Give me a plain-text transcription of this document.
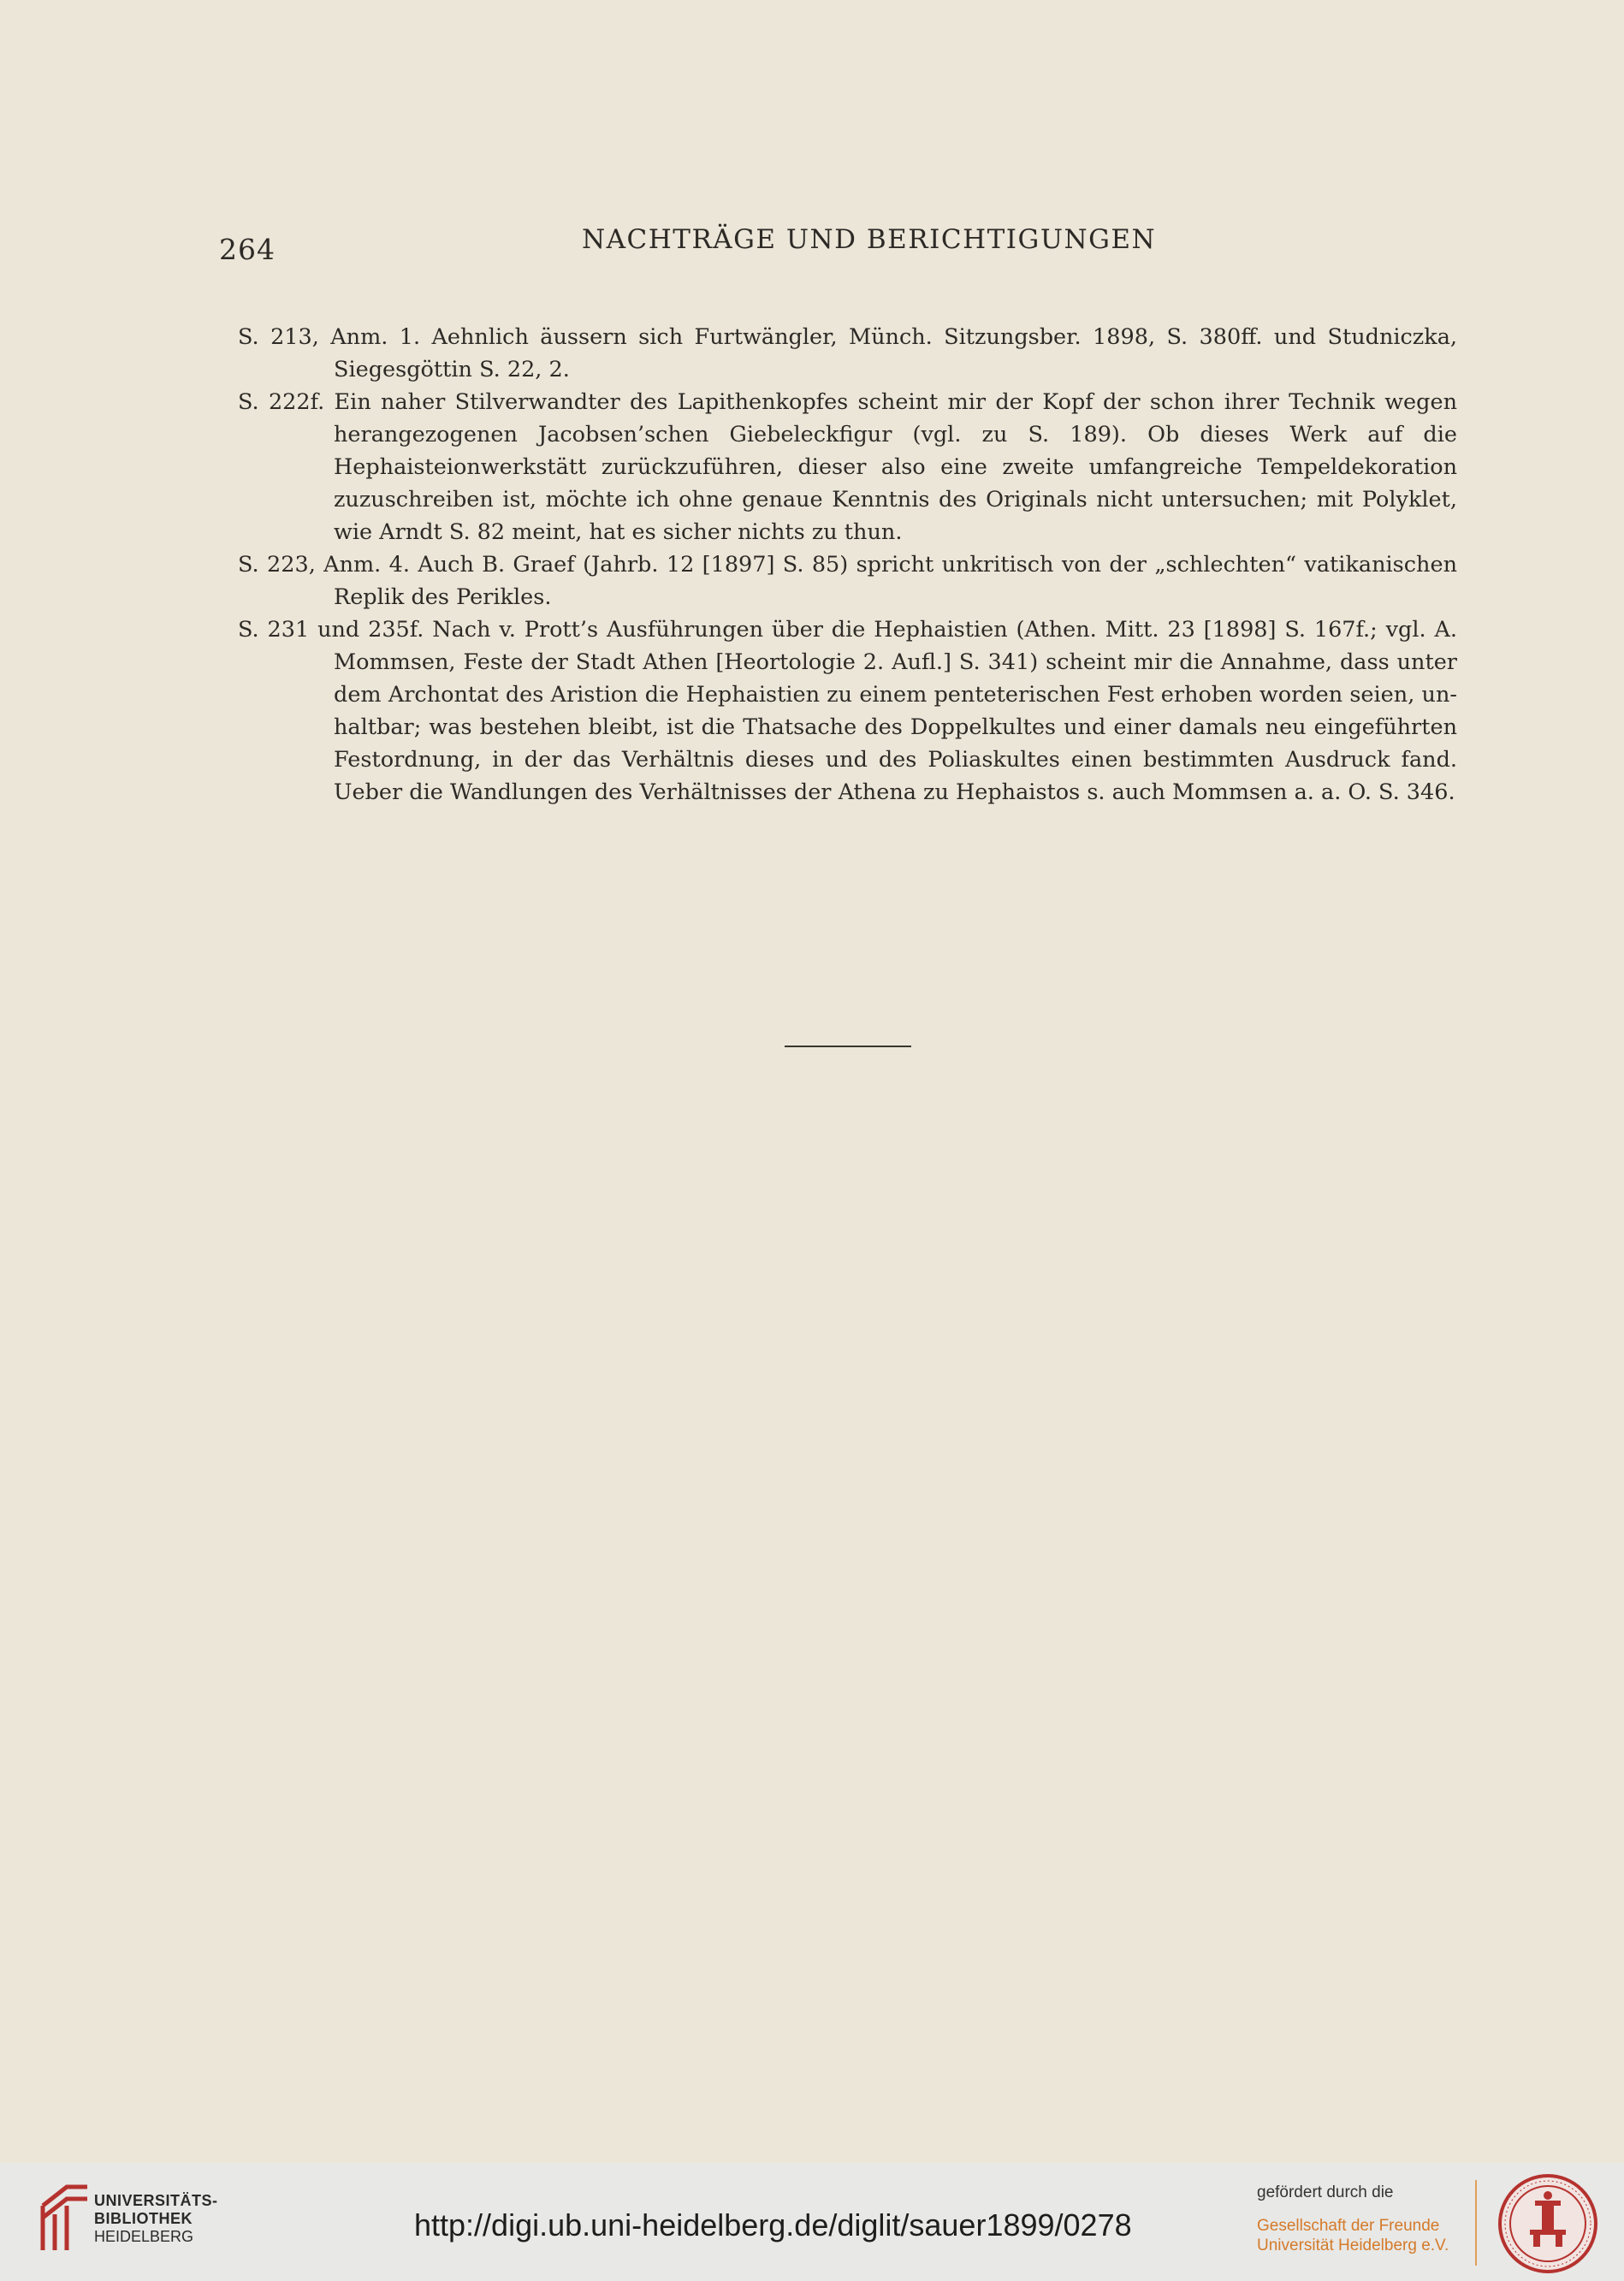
264	NACHTRÄGE UND BERICHTIGUNGEN

S. 213, Anm. 1. Aehnlich äussern sich Furtwängler, Münch. Sitzungsber. 1898, S. 380ff. und Studniczka, Siegesgöttin S. 22, 2.

S. 222f. Ein naher Stilverwandter des Lapithenkopfes scheint mir der Kopf der schon ihrer Technik wegen herangezogenen Jacobsen’schen Giebeleckfigur (vgl. zu S. 189). Ob dieses Werk auf die Hephaisteionwerkstätt zurückzuführen, dieser also eine zweite umfangreiche Tempeldekoration zuzuschreiben ist, möchte ich ohne genaue Kenntnis des Originals nicht untersuchen; mit Polyklet, wie Arndt S. 82 meint, hat es sicher nichts zu thun.

S. 223, Anm. 4. Auch B. Graef (Jahrb. 12 [1897] S. 85) spricht unkritisch von der „schlechten“ vatikanischen Replik des Perikles.

S. 231 und 235f. Nach v. Prott’s Ausführungen über die Hephaistien (Athen. Mitt. 23 [1898] S. 167f.; vgl. A. Mommsen, Feste der Stadt Athen [Heortologie 2. Aufl.] S. 341) scheint mir die Annahme, dass unter dem Archontat des Aristion die Hephaistien zu einem penteterischen Fest erhoben worden seien, unhaltbar; was bestehen bleibt, ist die Thatsache des Doppelkultes und einer damals neu eingeführten Festordnung, in der das Verhältnis dieses und des Poliaskultes einen bestimmten Ausdruck fand. Ueber die Wandlungen des Verhältnisses der Athena zu Hephaistos s. auch Mommsen a. a. O. S. 346.

UNIVERSITÄTS-
BIBLIOTHEK
HEIDELBERG	http://digi.ub.uni-heidelberg.de/diglit/sauer1899/0278
gefördert durch die
Gesellschaft der Freunde
Universität Heidelberg e.V.
